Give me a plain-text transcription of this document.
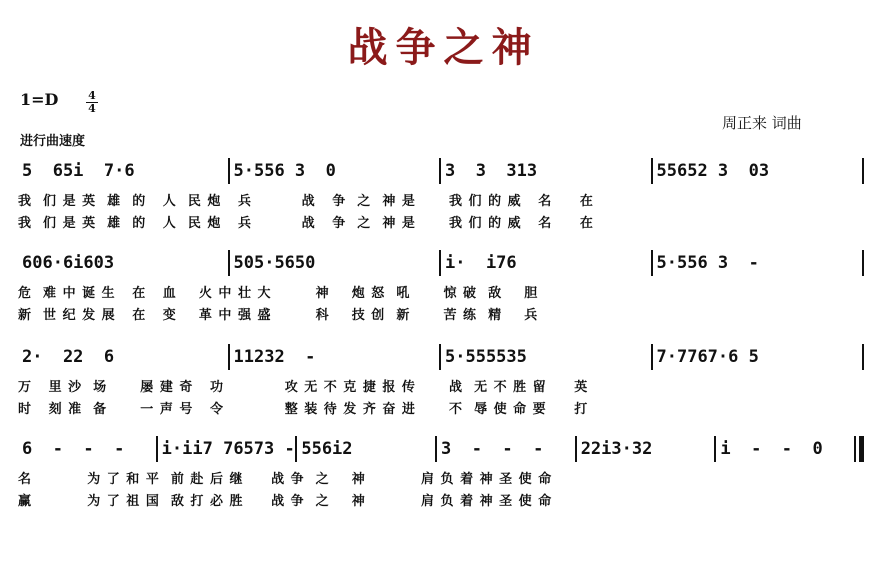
战争之神
1=D	4
4
进行曲速度
周正来 词曲
5  65i  7·6	5·556 3  0	3  3  313	55652 3  03
我  们 是 英  雄  的   人  民 炮   兵         战   争  之  神 是      我 们 的 威   名     在
我  们 是 英  雄  的   人  民 炮   兵         战   争  之  神 是      我 们 的 威   名     在
606·6i603	505·5650	i·  i76	5·556 3  -
危  难 中 诞 生   在   血    火 中 壮 大        神    炮 怒  吼      惊 破  敌    胆
新  世 纪 发 展   在   变    革 中 强 盛        科    技 创  新      苦 练  精    兵
2·  22  6	11232  -	5·555535	7·7767·6 5
万   里 沙  场      屡 建 奇   功           攻 无 不 克 捷 报 传      战  无 不 胜 留     英
时   刻 准  备      一 声 号   令           整 装 待 发 齐 奋 进      不  辱 使 命 要     打
6  -  -  -	i·ii7 76573 - 556i2	3  -  -  -	22i3·32	i  -  -  0
名          为 了 和 平  前 赴 后 继     战 争  之    神          肩 负 着 神 圣 使 命
赢          为 了 祖 国  敌 打 必 胜     战 争  之    神          肩 负 着 神 圣 使 命
